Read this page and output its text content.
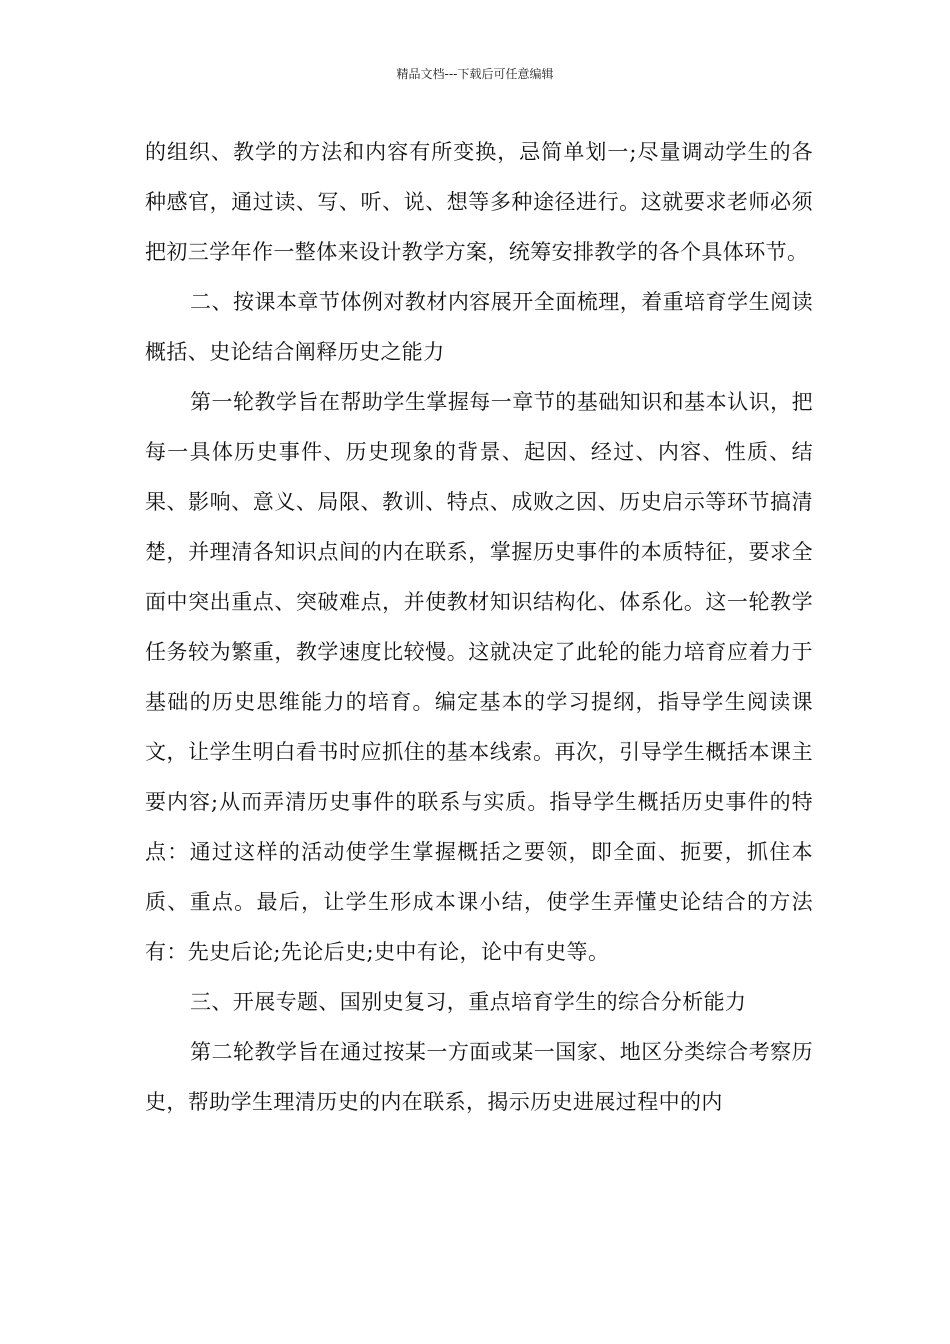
精品文档---下载后可任意编辑

的组织、教学的方法和内容有所变换，忌简单划一;尽量调动学生的各种感官，通过读、写、听、说、想等多种途径进行。这就要求老师必须把初三学年作一整体来设计教学方案，统筹安排教学的各个具体环节。

二、按课本章节体例对教材内容展开全面梳理，着重培育学生阅读概括、史论结合阐释历史之能力

第一轮教学旨在帮助学生掌握每一章节的基础知识和基本认识，把每一具体历史事件、历史现象的背景、起因、经过、内容、性质、结果、影响、意义、局限、教训、特点、成败之因、历史启示等环节搞清楚，并理清各知识点间的内在联系，掌握历史事件的本质特征，要求全面中突出重点、突破难点，并使教材知识结构化、体系化。这一轮教学任务较为繁重，教学速度比较慢。这就决定了此轮的能力培育应着力于基础的历史思维能力的培育。编定基本的学习提纲，指导学生阅读课文，让学生明白看书时应抓住的基本线索。再次，引导学生概括本课主要内容;从而弄清历史事件的联系与实质。指导学生概括历史事件的特点：通过这样的活动使学生掌握概括之要领，即全面、扼要，抓住本质、重点。最后，让学生形成本课小结，使学生弄懂史论结合的方法有：先史后论;先论后史;史中有论，论中有史等。

三、开展专题、国别史复习，重点培育学生的综合分析能力

第二轮教学旨在通过按某一方面或某一国家、地区分类综合考察历史，帮助学生理清历史的内在联系，揭示历史进展过程中的内
